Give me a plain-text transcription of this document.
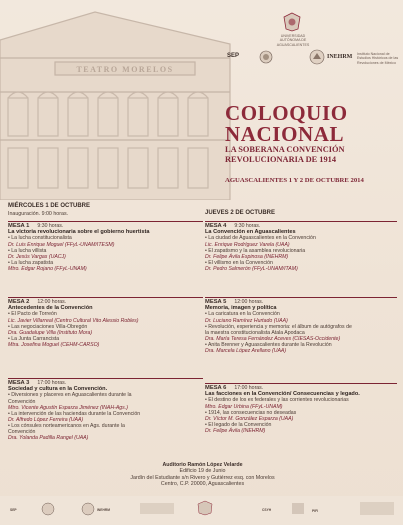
TEATRO MORELOS
UNIVERSIDAD AUTÓNOMA DE AGUASCALIENTES
SEP	INEHRM Instituto Nacional de Estudios Históricos de las Revoluciones de México
COLOQUIO
NACIONAL
LA SOBERANA CONVENCIÓN
REVOLUCIONARIA DE 1914
AGUASCALIENTES 1 Y 2 DE OCTUBRE 2014
MIÉRCOLES 1 DE OCTUBRE
Inauguración. 9:00 horas.
MESA 1 9:30 horas.
La victoria revolucionaria sobre el gobierno huertista
• La lucha constitucionalista
Dr. Luis Enrique Moguel (FFyL-UNAM/ITESM)
• La lucha villista
Dr. Jesús Vargas (UACJ)
• La lucha zapatista
Mtro. Edgar Rojano (FFyL-UNAM)
MESA 2 12:00 horas.
Antecedentes de la Convención
• El Pacto de Torreón
Lic. Javier Villarreal (Centro Cultural Vito Alessio Robles)
• Las negociaciones Villa-Obregón
Dra. Guadalupe Villa (Instituto Mora)
• La Junta Carrancista
Mtra. Josefina Moguel (CEHM-CARSO)
MESA 3 17:00 horas.
Sociedad y cultura en la Convención.
• Diversiones y placeres en Aguascalientes durante la
Convención
Mtro. Vicente Agustín Esparza Jiménez (INAH-Ags.)
• La intervención de las haciendas durante la Convención
Dr. Alfredo López Ferreira (UAA)
• Los cónsules norteamericanos en Ags. durante la
Convención
Dra. Yolanda Padilla Rangel (UAA)
JUEVES 2 DE OCTUBRE
MESA 4 9:30 horas.
La Convención en Aguascalientes
• La ciudad de Aguascalientes en la Convención
Lic. Enrique Rodríguez Varela (UAA)
• El zapatismo y la asamblea revolucionaria
Dr. Felipe Ávila Espinosa (INEHRM)
• El villismo en la Convención
Dr. Pedro Salmerón (FFyL-UNAM/ITAM)
MESA 5 12:00 horas.
Memoria, imagen y política
• La caricatura en la Convención
Dr. Luciano Ramírez Hurtado (UAA)
• Revolución, experiencia y memoria: el álbum de autógrafos de
la maestra constitucionalista Atala Apodaca
Dra. María Teresa Fernández Aceves (CIESAS-Occidente)
• Anita Brenner y Aguascalientes durante la Revolución
Dra. Marcela López Arellano (UAA)
MESA 6 17:00 horas.
Las facciones en la Convención/ Consecuencias y legado.
• El destino de los ex federales y las corrientes revolucionarias
Mtro. Edgar Urbina (FFyL-UNAM)
• 1914, las consecuencias no deseadas
Dr. Víctor M. González Esparza (UAA)
• El legado de la Convención
Dr. Felipe Ávila (INEHRM)
Auditorio Ramón López Velarde
Edificio 19 de Junio
Jardín del Estudiante s/n Rivero y Gutiérrez esq. con Morelos
Centro, C.P. 20000, Aguascalientes
SEP	INEHRM	CSYH	PIFI
